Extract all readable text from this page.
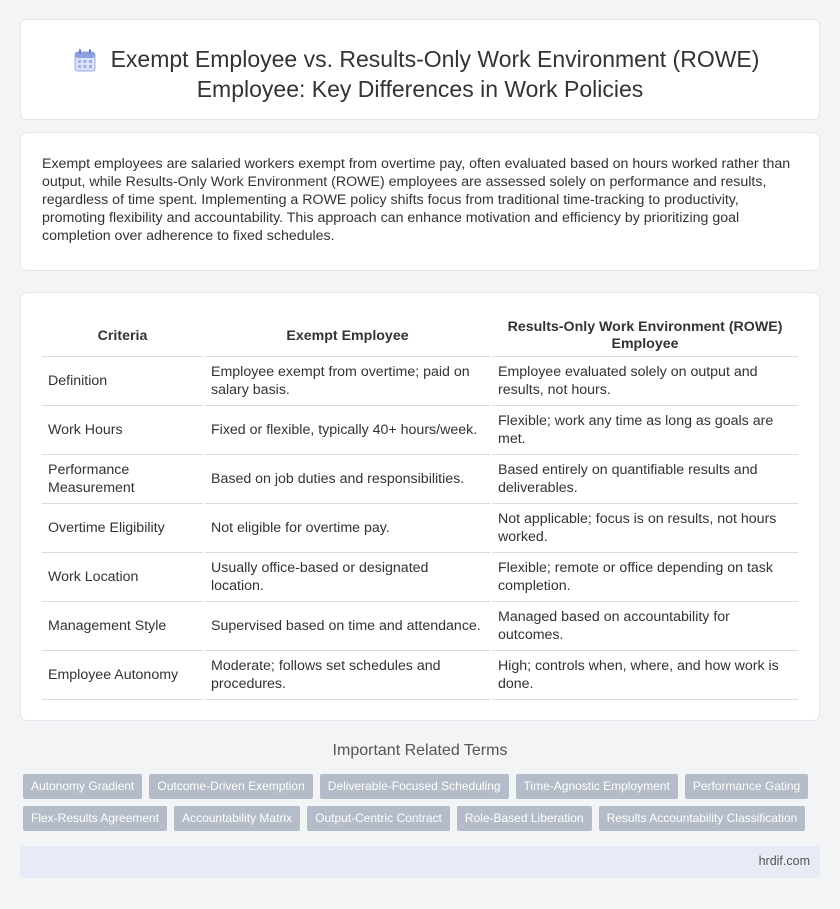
Exempt Employee vs. Results-Only Work Environment (ROWE)
Employee: Key Differences in Work Policies

Exempt employees are salaried workers exempt from overtime pay, often evaluated based on hours worked rather than output, while Results-Only Work Environment (ROWE) employees are assessed solely on performance and results, regardless of time spent. Implementing a ROWE policy shifts focus from traditional time-tracking to productivity, promoting flexibility and accountability. This approach can enhance motivation and efficiency by prioritizing goal completion over adherence to fixed schedules.

Criteria	Exempt Employee	Results-Only Work Environment (ROWE) Employee
Definition	Employee exempt from overtime; paid on salary basis.	Employee evaluated solely on output and results, not hours.
Work Hours	Fixed or flexible, typically 40+ hours/week.	Flexible; work any time as long as goals are met.
Performance Measurement	Based on job duties and responsibilities.	Based entirely on quantifiable results and deliverables.
Overtime Eligibility	Not eligible for overtime pay.	Not applicable; focus is on results, not hours worked.
Work Location	Usually office-based or designated location.	Flexible; remote or office depending on task completion.
Management Style	Supervised based on time and attendance.	Managed based on accountability for outcomes.
Employee Autonomy	Moderate; follows set schedules and procedures.	High; controls when, where, and how work is done.
Important Related Terms
Autonomy Gradient	Outcome-Driven Exemption	Deliverable-Focused Scheduling	Time-Agnostic Employment	Performance Gating
Flex-Results Agreement	Accountability Matrix	Output-Centric Contract	Role-Based Liberation	Results Accountability Classification
hrdif.com
